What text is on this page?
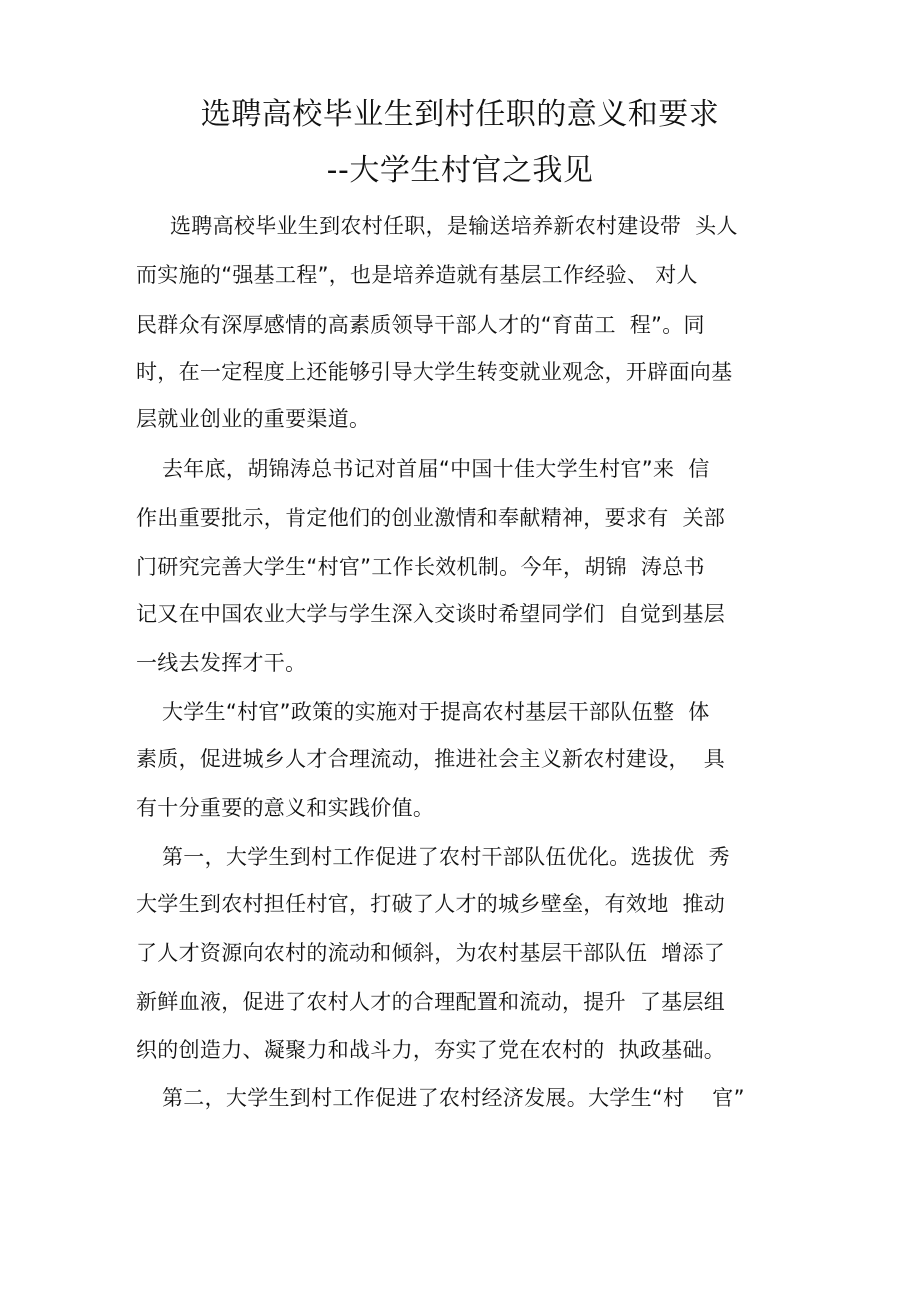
选聘高校毕业生到村任职的意义和要求
--大学生村官之我见
选聘高校毕业生到农村任职，是输送培养新农村建设带  头人
而实施的“强基工程”，也是培养造就有基层工作经验、 对人
民群众有深厚感情的高素质领导干部人才的“育苗工  程”。同
时，在一定程度上还能够引导大学生转变就业观念，开辟面向基
层就业创业的重要渠道。
去年底，胡锦涛总书记对首届“中国十佳大学生村官”来  信
作出重要批示，肯定他们的创业激情和奉献精神，要求有  关部
门研究完善大学生“村官”工作长效机制。今年，胡锦  涛总书
记又在中国农业大学与学生深入交谈时希望同学们  自觉到基层
一线去发挥才干。
大学生“村官”政策的实施对于提高农村基层干部队伍整  体
素质，促进城乡人才合理流动，推进社会主义新农村建设，  具
有十分重要的意义和实践价值。
第一，大学生到村工作促进了农村干部队伍优化。选拔优  秀
大学生到农村担任村官，打破了人才的城乡壁垒，有效地  推动
了人才资源向农村的流动和倾斜，为农村基层干部队伍  增添了
新鲜血液，促进了农村人才的合理配置和流动，提升  了基层组
织的创造力、凝聚力和战斗力，夯实了党在农村的  执政基础。
第二，大学生到村工作促进了农村经济发展。大学生“村    官”
